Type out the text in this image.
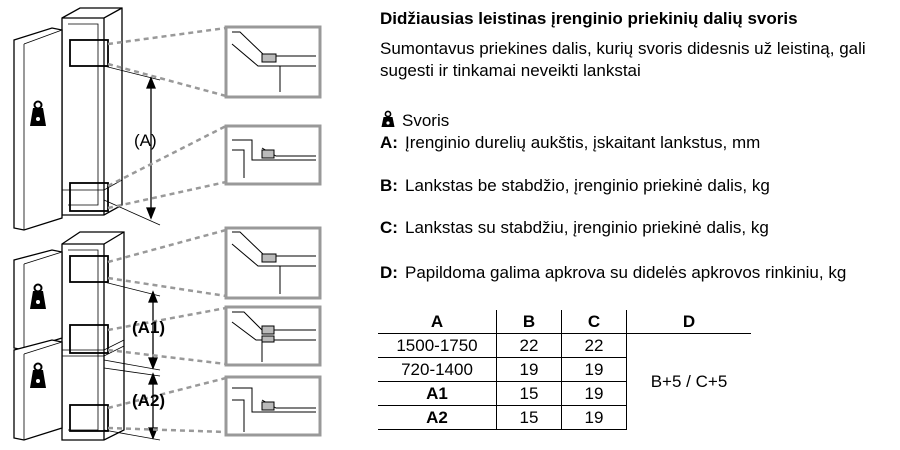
(A)
(A1)
(A2)
Didžiausias leistinas įrenginio priekinių dalių svoris
Sumontavus priekines dalis, kurių svoris didesnis už leistiną, gali sugesti ir tinkamai neveikti lankstai
Svoris
A: Įrenginio durelių aukštis, įskaitant lankstus, mm
B: Lankstas be stabdžio, įrenginio priekinė dalis, kg
C: Lankstas su stabdžiu, įrenginio priekinė dalis, kg
D: Papildoma galima apkrova su didelės apkrovos rinkiniu, kg
A	B	C	D
1500-1750	22	22	B+5 / C+5
720-1400	19	19	
A1	15	19	
A2	15	19	
